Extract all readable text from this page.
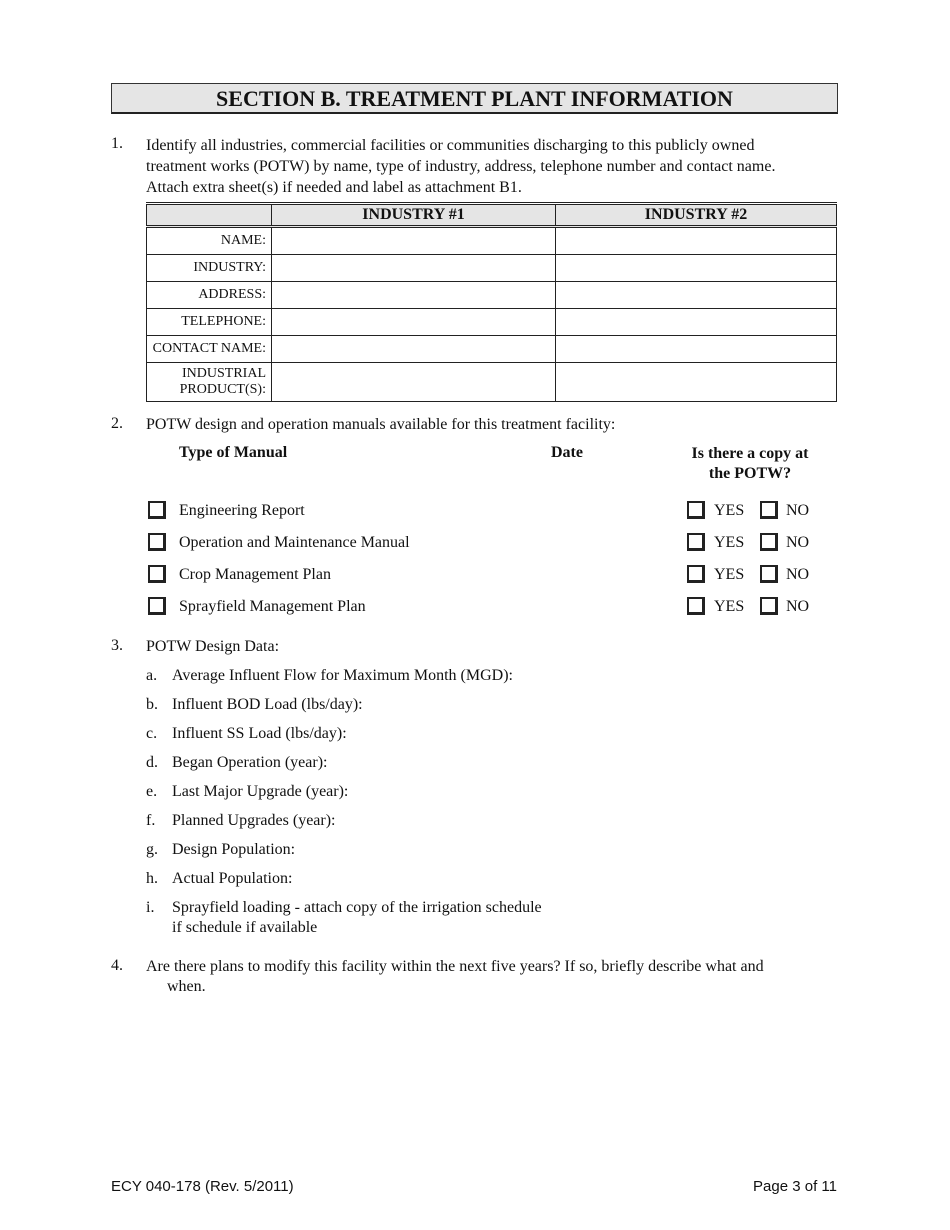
SECTION B. TREATMENT PLANT INFORMATION
1.	Identify all industries, commercial facilities or communities discharging to this publicly owned
treatment works (POTW) by name, type of industry, address, telephone number and contact name.
Attach extra sheet(s) if needed and label as attachment B1.
	INDUSTRY #1	INDUSTRY #2
NAME:		
INDUSTRY:		
ADDRESS:		
TELEPHONE:		
CONTACT NAME:		

INDUSTRIAL
PRODUCT(S):		

2.	POTW design and operation manuals available for this treatment facility:
Type of Manual	Date	Is there a copy at
the POTW?
Engineering Report	YES	NO
Operation and Maintenance Manual	YES	NO
Crop Management Plan	YES	NO
Sprayfield Management Plan	YES	NO
3.	POTW Design Data:
a. Average Influent Flow for Maximum Month (MGD):
b. Influent BOD Load (lbs/day):
c. Influent SS Load (lbs/day):
d. Began Operation (year):
e. Last Major Upgrade (year):
f. Planned Upgrades (year):
g. Design Population:
h. Actual Population:
i. Sprayfield loading - attach copy of the irrigation schedule
if schedule if available
4.	Are there plans to modify this facility within the next five years? If so, briefly describe what and
when.
ECY 040-178 (Rev. 5/2011)	Page 3 of 11
